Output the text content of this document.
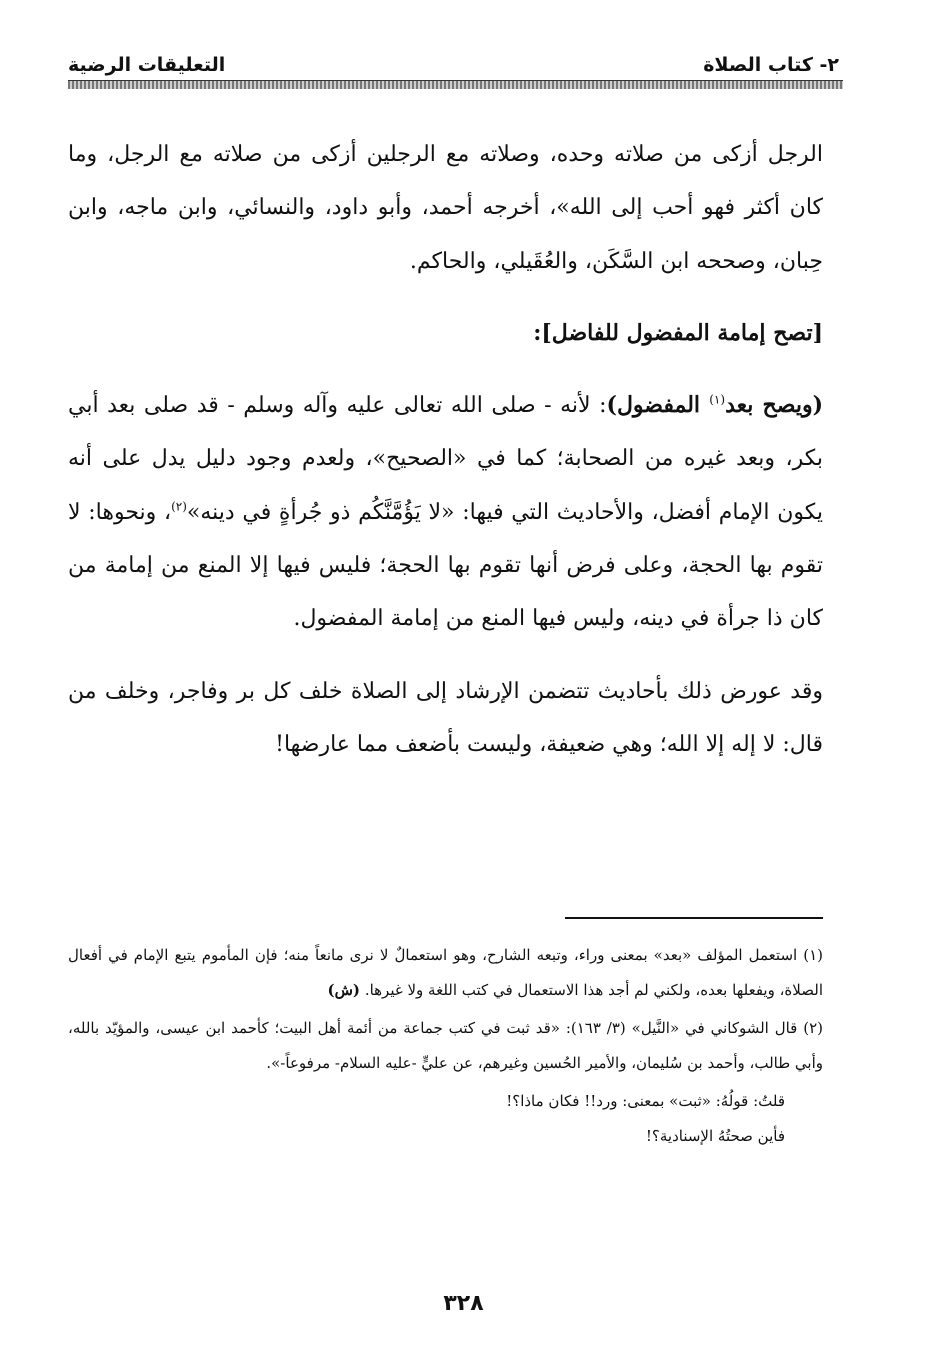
٢- كتاب الصلاة
التعليقات الرضية

الرجل أزكى من صلاته وحده، وصلاته مع الرجلين أزكى من صلاته مع الرجل، وما كان أكثر فهو أحب إلى الله»، أخرجه أحمد، وأبو داود، والنسائي، وابن ماجه، وابن حِبان، وصححه ابن السَّكَن، والعُقَيلي، والحاكم.

[تصح إمامة المفضول للفاضل]:

(ويصح بعد$^{(١)}$ المفضول): لأنه - صلى الله تعالى عليه وآله وسلم - قد صلى بعد أبي بكر، وبعد غيره من الصحابة؛ كما في «الصحيح»، ولعدم وجود دليل يدل على أنه يكون الإمام أفضل، والأحاديث التي فيها: «لا يَؤُمَّنَّكُم ذو جُرأةٍ في دينه»$^{(٢)}$، ونحوها: لا تقوم بها الحجة، وعلى فرض أنها تقوم بها الحجة؛ فليس فيها إلا المنع من إمامة من كان ذا جرأة في دينه، وليس فيها المنع من إمامة المفضول.

وقد عورض ذلك بأحاديث تتضمن الإرشاد إلى الصلاة خلف كل بر وفاجر، وخلف من قال: لا إله إلا الله؛ وهي ضعيفة، وليست بأضعف مما عارضها!

(١) استعمل المؤلف «بعد» بمعنى وراء، وتبعه الشارح، وهو استعمالٌ لا نرى مانعاً منه؛ فإن المأموم يتبع الإمام في أفعال الصلاة، ويفعلها بعده، ولكني لم أجد هذا الاستعمال في كتب اللغة ولا غيرها. (ش)

(٢) قال الشوكاني في «النَّيل» (٣/ ١٦٣): «قد ثبت في كتب جماعة من أئمة أهل البيت؛ كأحمد ابن عيسى، والمؤيّد بالله، وأبي طالب، وأحمد بن سُليمان، والأمير الحُسين وغيرهم، عن عليٍّ -عليه السلام- مرفوعاً-».

قلتُ: قولُهُ: «ثبت» بمعنى: ورد!! فكان ماذا؟!

فأين صحتُهُ الإسنادية؟!

٣٢٨
